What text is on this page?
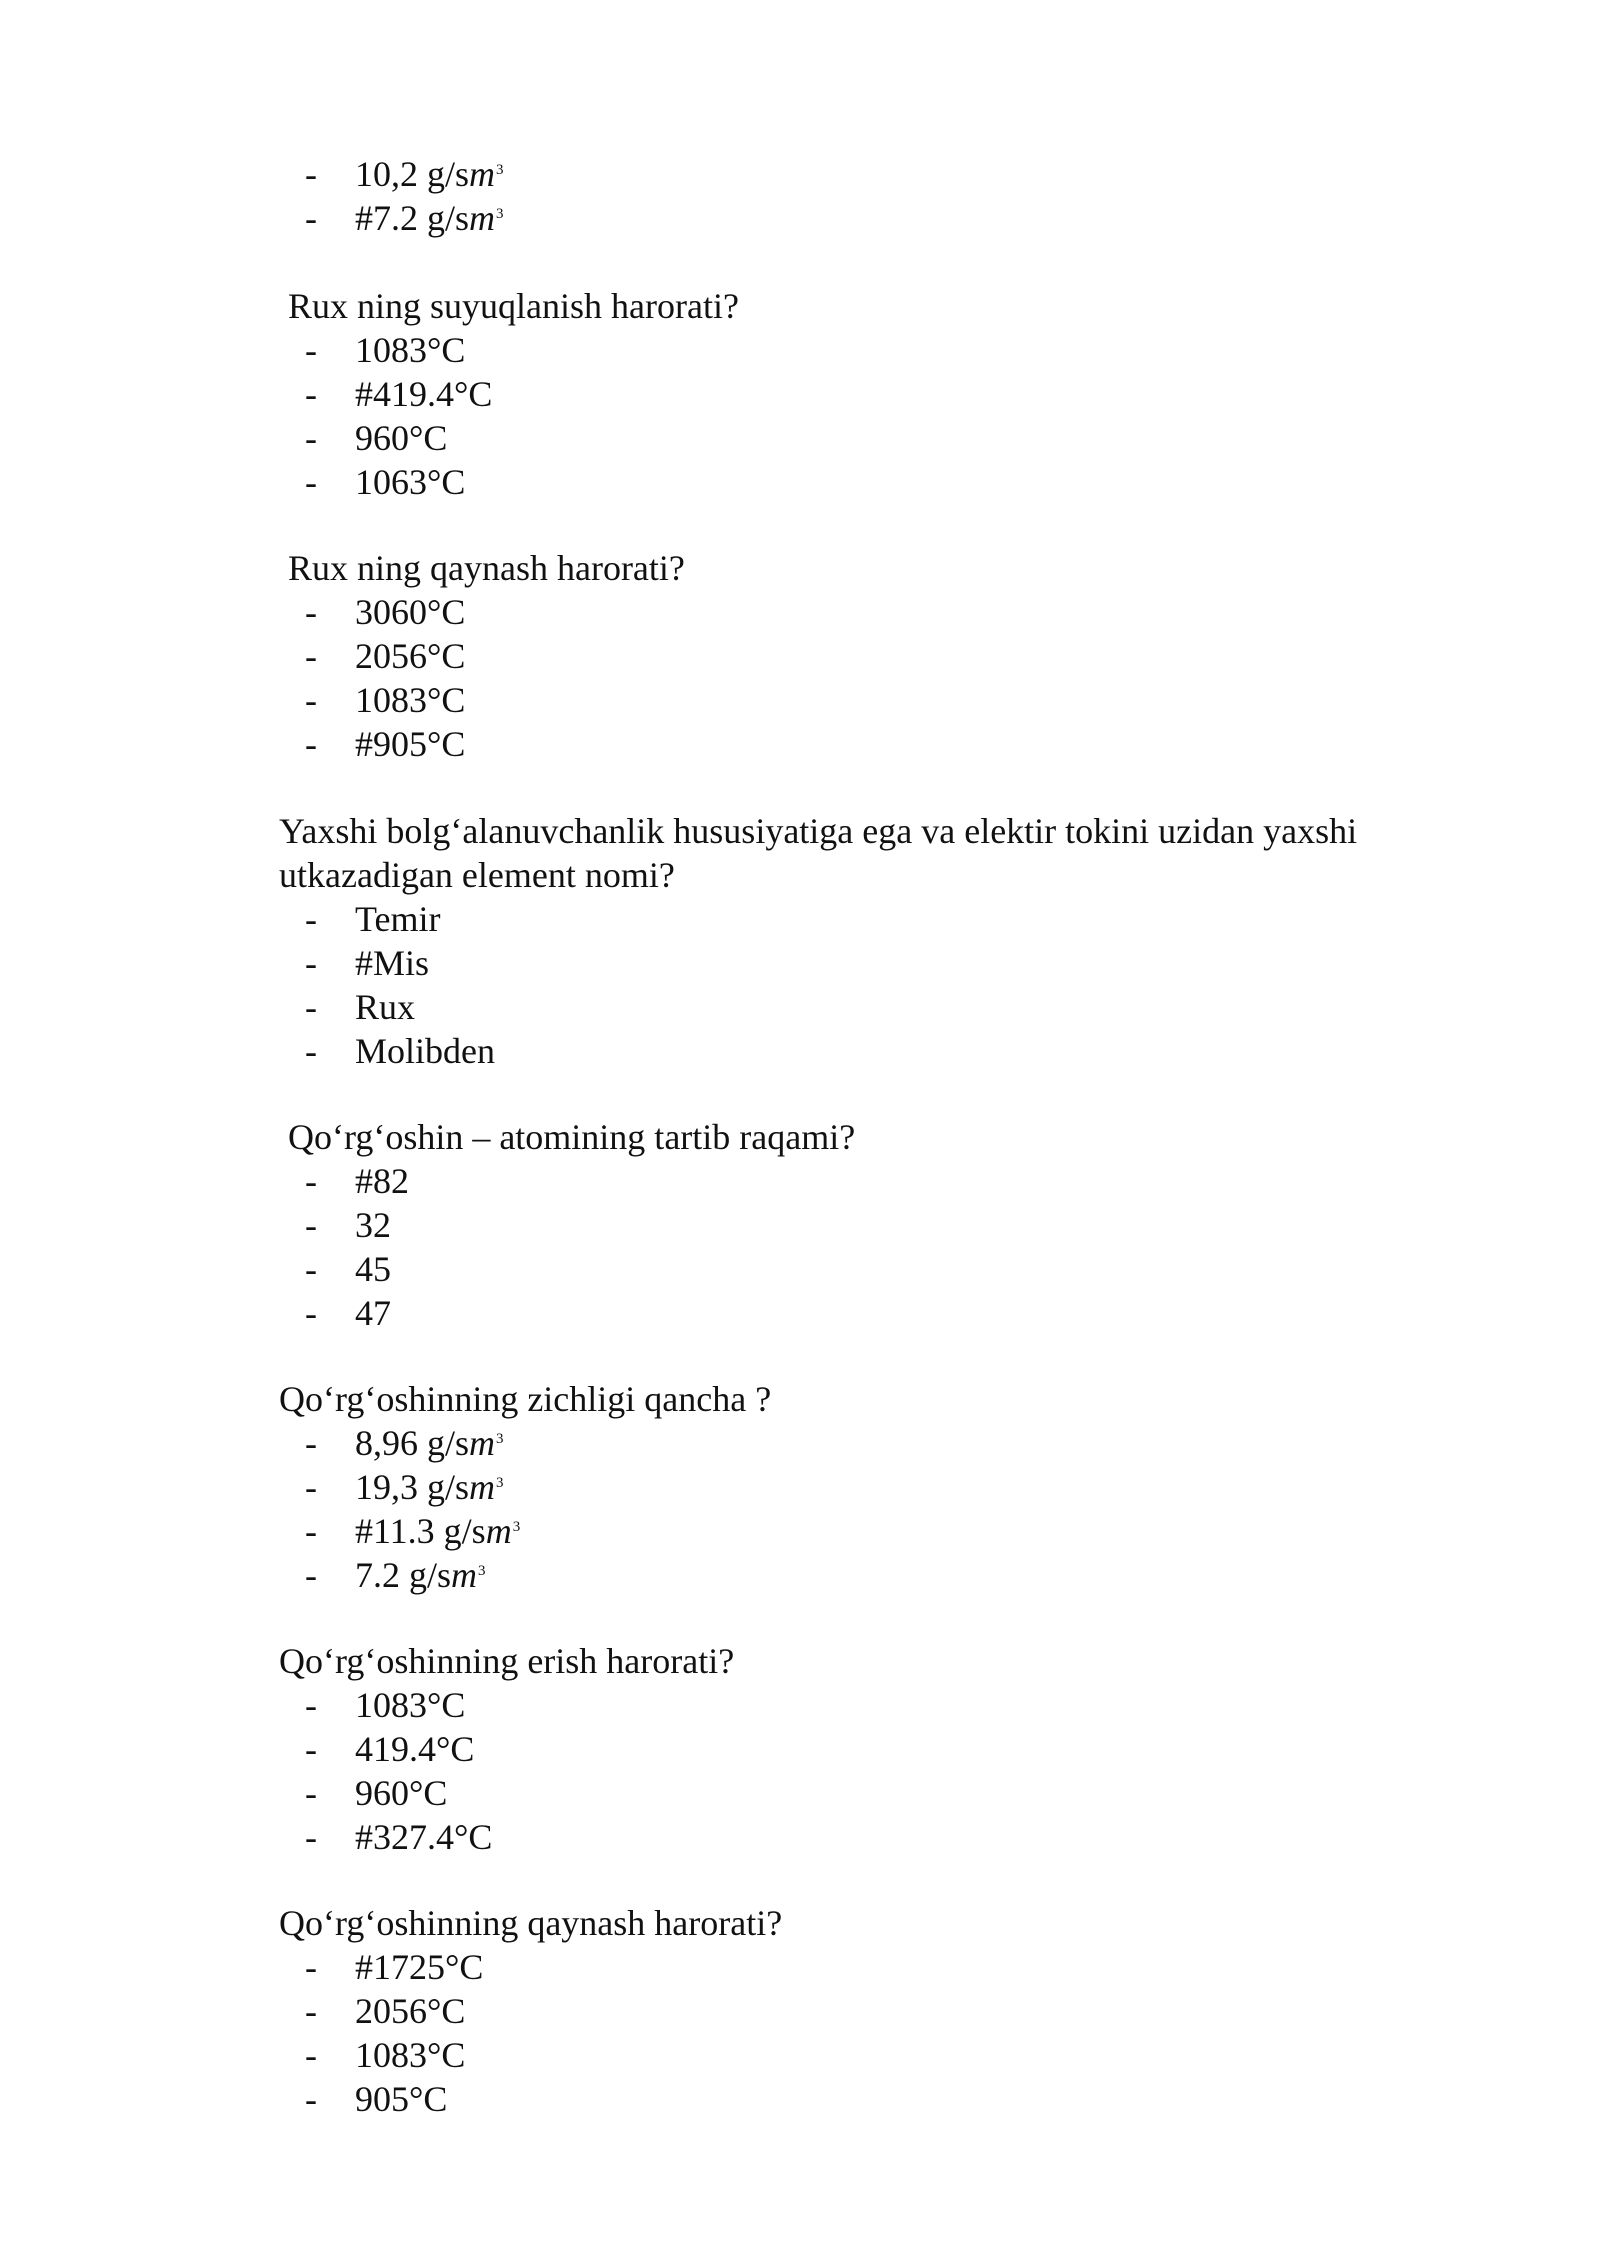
- 10,2 $g/sm^3$
- #7.2 $g/sm^3$
Rux ning suyuqlanish harorati?
- 1083°C
- #419.4°C
- 960°C
- 1063°C
Rux ning qaynash harorati?
- 3060°C
- 2056°C
- 1083°C
- #905°C
Yaxshi bolg‘alanuvchanlik hususiyatiga ega va elektir tokini uzidan yaxshi utkazadigan element nomi?
- Temir
- #Mis
- Rux
- Molibden
Qo‘rg‘oshin – atomining tartib raqami?
- #82
- 32
- 45
- 47
Qo‘rg‘oshinning zichligi qancha ?
- 8,96 $g/sm^3$
- 19,3 $g/sm^3$
- #11.3 $g/sm^3$
- 7.2 $g/sm^3$
Qo‘rg‘oshinning erish harorati?
- 1083°C
- 419.4°C
- 960°C
- #327.4°C
Qo‘rg‘oshinning qaynash harorati?
- #1725°C
- 2056°C
- 1083°C
- 905°C
